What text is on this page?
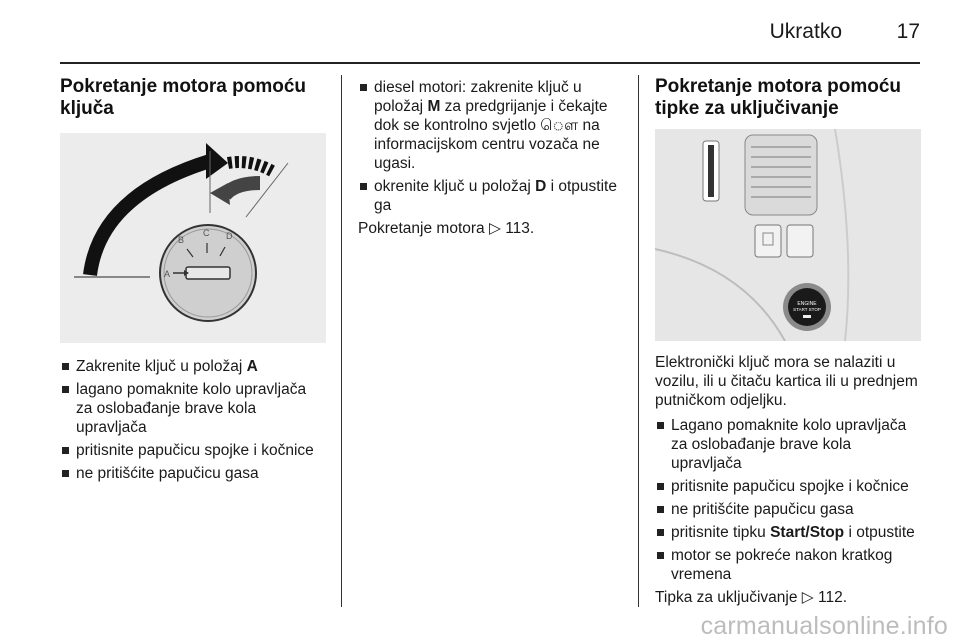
Ukratko	17
Pokretanje motora pomoću ključa
A
B
C D
Zakrenite ključ u položaj A
lagano pomaknite kolo upravljača za oslobađanje brave kola upravljača
pritisnite papučicu spojke i kočnice
ne pritišćite papučicu gasa
diesel motori: zakrenite ključ u položaj M za predgrijanje i čekajte dok se kontrolno svjetlo ௌ na informacijskom centru vozača ne ugasi.
okrenite ključ u položaj D i otpustite ga

Pokretanje motora ▷ 113.

Pokretanje motora pomoću tipke za uključivanje
ENGINE
START STOP

Elektronički ključ mora se nalaziti u vozilu, ili u čitaču kartica ili u prednjem putničkom odjeljku.

Lagano pomaknite kolo upravljača za oslobađanje brave kola upravljača
pritisnite papučicu spojke i kočnice
ne pritišćite papučicu gasa
pritisnite tipku Start/Stop i otpustite
motor se pokreće nakon kratkog vremena

Tipka za uključivanje ▷ 112.

carmanualsonline.info
